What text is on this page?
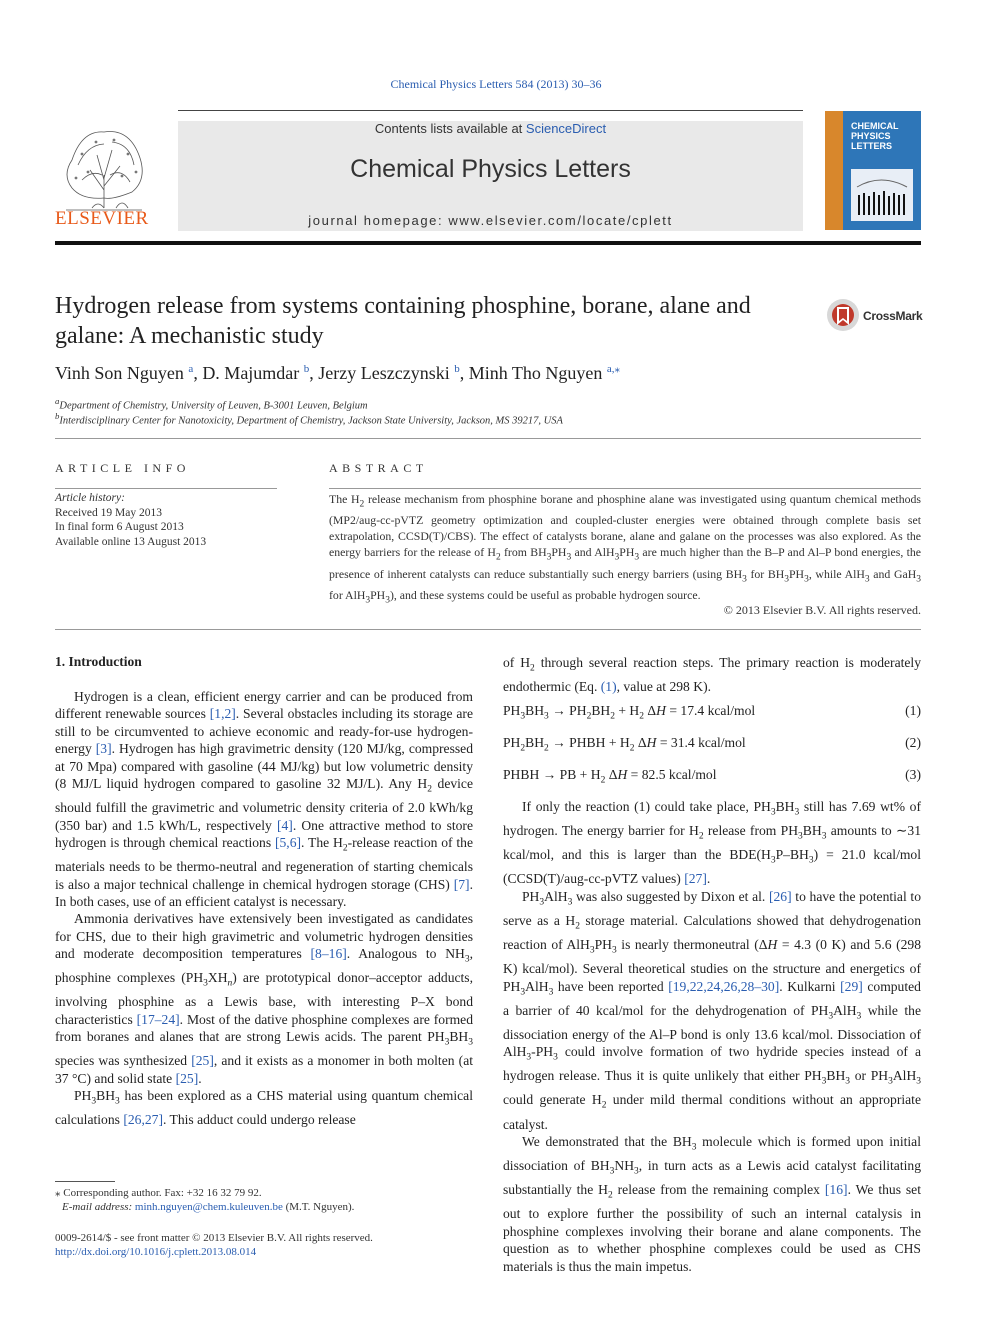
Chemical Physics Letters 584 (2013) 30–36
ELSEVIER
Contents lists available at ScienceDirect
Chemical Physics Letters
journal homepage: www.elsevier.com/locate/cplett
CHEMICAL
PHYSICS
LETTERS
Hydrogen release from systems containing phosphine, borane, alane and galane: A mechanistic study
CrossMark
Vinh Son Nguyen $^a$, D. Majumdar $^b$, Jerzy Leszczynski $^b$, Minh Tho Nguyen $^{a,⁎}$
$^a$Department of Chemistry, University of Leuven, B-3001 Leuven, Belgium
$^b$Interdisciplinary Center for Nanotoxicity, Department of Chemistry, Jackson State University, Jackson, MS 39217, USA
ARTICLE INFO
Article history:
Received 19 May 2013
In final form 6 August 2013
Available online 13 August 2013
ABSTRACT
The $H_2$ release mechanism from phosphine borane and phosphine alane was investigated using quantum chemical methods (MP2/aug-cc-pVTZ geometry optimization and coupled-cluster energies were obtained through complete basis set extrapolation, CCSD(T)/CBS). The effect of catalysts borane, alane and galane on the processes was also explored. As the energy barriers for the release of $H_2$ from $BH_3PH_3$ and $AlH_3PH_3$ are much higher than the B–P and Al–P bond energies, the presence of inherent catalysts can reduce substantially such energy barriers (using $BH_3$ for $BH_3PH_3$, while AlH$_3$ and GaH$_3$ for $AlH_3PH_3$), and these systems could be useful as probable hydrogen source.
© 2013 Elsevier B.V. All rights reserved.
1. Introduction

Hydrogen is a clean, efficient energy carrier and can be produced from different renewable sources [1,2]. Several obstacles including its storage are still to be circumvented to achieve economic and ready-for-use hydrogen-energy [3]. Hydrogen has high gravimetric density (120 MJ/kg, compressed at 70 Mpa) compared with gasoline (44 MJ/kg) but low volumetric density (8 MJ/L liquid hydrogen compared to gasoline 32 MJ/L). Any $H_2$ device should fulfill the gravimetric and volumetric density criteria of 2.0 kWh/kg (350 bar) and 1.5 kWh/L, respectively [4]. One attractive method to store hydrogen is through chemical reactions [5,6]. The $H_2$-release reaction of the materials needs to be thermo-neutral and regeneration of starting chemicals is also a major technical challenge in chemical hydrogen storage (CHS) [7]. In both cases, use of an efficient catalyst is necessary.

Ammonia derivatives have extensively been investigated as candidates for CHS, due to their high gravimetric and volumetric hydrogen densities and moderate decomposition temperatures [8–16]. Analogous to $NH_3$, phosphine complexes $(PH_3XH_n)$ are prototypical donor–acceptor adducts, involving phosphine as a Lewis base, with interesting P–X bond characteristics [17–24]. Most of the dative phosphine complexes are formed from boranes and alanes that are strong Lewis acids. The parent $PH_3BH_3$ species was synthesized [25], and it exists as a monomer in both molten (at 37 °C) and solid state [25].

$PH_3BH_3$ has been explored as a CHS material using quantum chemical calculations [26,27]. This adduct could undergo release

⁎ Corresponding author. Fax: +32 16 32 79 92.
E-mail address: minh.nguyen@chem.kuleuven.be (M.T. Nguyen).
0009-2614/$ - see front matter © 2013 Elsevier B.V. All rights reserved.
http://dx.doi.org/10.1016/j.cplett.2013.08.014

of $H_2$ through several reaction steps. The primary reaction is moderately endothermic (Eq. (1), value at 298 K).

$PH_3BH_3 \to PH_2BH_2 + H_2$ ΔH = 17.4 kcal/mol	(1)
$PH_2BH_2$ → PHBH + $H_2$ ΔH = 31.4 kcal/mol	(2)
PHBH → PB + $H_2$ ΔH = 82.5 kcal/mol	(3)

If only the reaction (1) could take place, $PH_3BH_3$ still has 7.69 wt% of hydrogen. The energy barrier for $H_2$ release from $PH_3BH_3$ amounts to ∼31 kcal/mol, and this is larger than the $BDE(H_3P-BH_3) = 21.0$ kcal/mol (CCSD(T)/aug-cc-pVTZ values) [27].

$PH_3AlH_3$ was also suggested by Dixon et al. [26] to have the potential to serve as a $H_2$ storage material. Calculations showed that dehydrogenation reaction of $AlH_3PH_3$ is nearly thermoneutral (ΔH = 4.3 (0 K) and 5.6 (298 K) kcal/mol). Several theoretical studies on the structure and energetics of $PH_3AlH_3$ have been reported [19,22,24,26,28–30]. Kulkarni [29] computed a barrier of 40 kcal/mol for the dehydrogenation of $PH_3AlH_3$ while the dissociation energy of the Al–P bond is only 13.6 kcal/mol. Dissociation of $AlH_3-PH_3$ could involve formation of two hydride species instead of a hydrogen release. Thus it is quite unlikely that either $PH_3BH_3$ or $PH_3AlH_3$ could generate $H_2$ under mild thermal conditions without an appropriate catalyst.

We demonstrated that the $BH_3$ molecule which is formed upon initial dissociation of $BH_3NH_3$, in turn acts as a Lewis acid catalyst facilitating substantially the $H_2$ release from the remaining complex [16]. We thus set out to explore further the possibility of such an internal catalysis in phosphine complexes involving their borane and alane components. The question as to whether phosphine complexes could be used as CHS materials is thus the main impetus.
